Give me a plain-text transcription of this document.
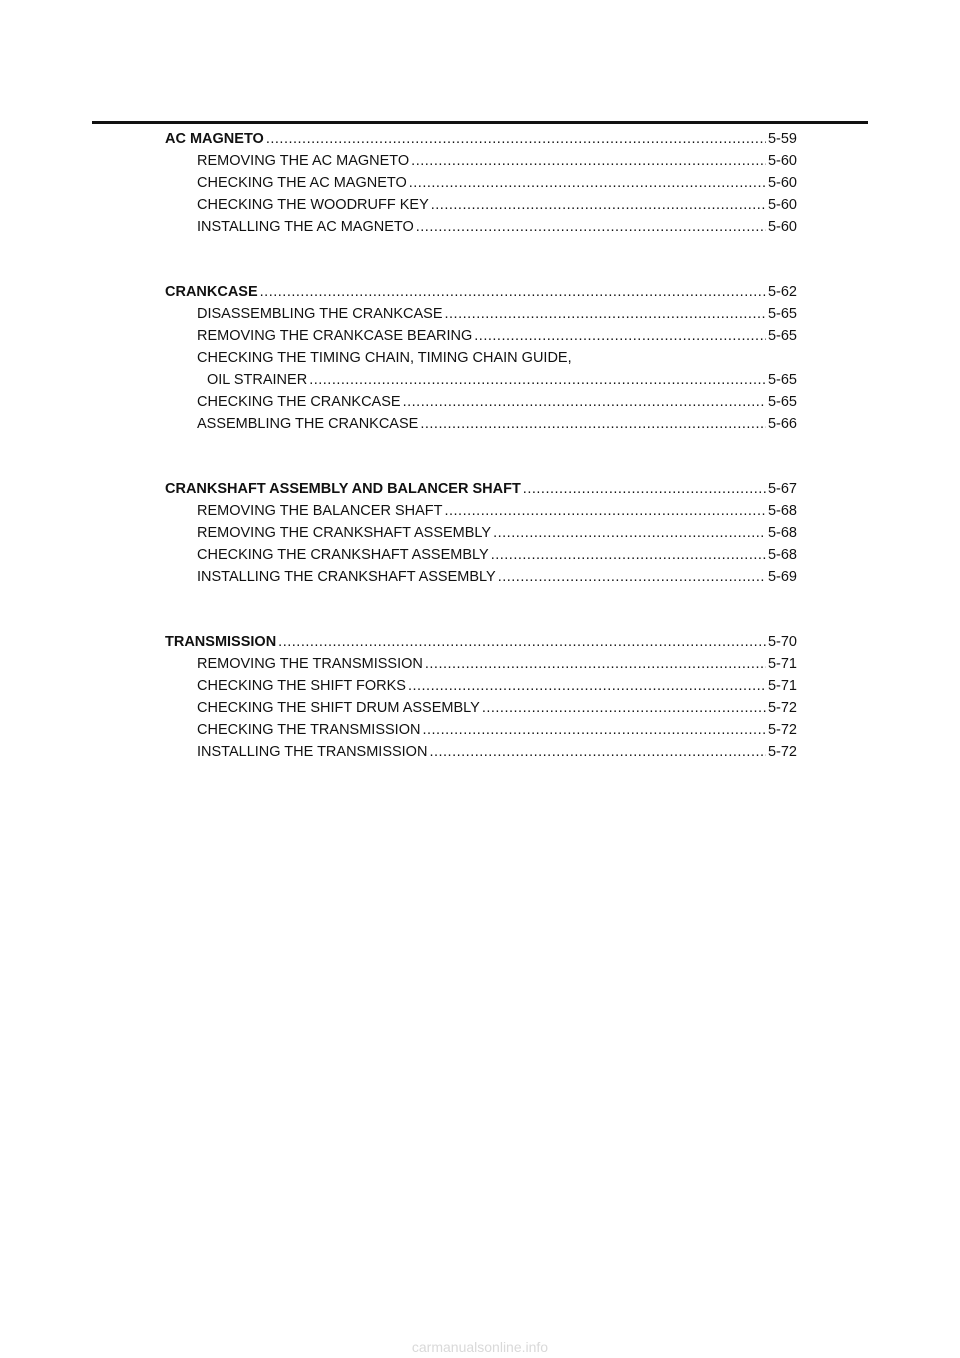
AC MAGNETO .....	5-59
REMOVING THE AC MAGNETO .....	5-60
CHECKING THE AC MAGNETO .....	5-60
CHECKING THE WOODRUFF KEY .....	5-60
INSTALLING THE AC MAGNETO .....	5-60
CRANKCASE .....	5-62
DISASSEMBLING THE CRANKCASE .....	5-65
REMOVING THE CRANKCASE BEARING .....	5-65
CHECKING THE TIMING CHAIN, TIMING CHAIN GUIDE,
OIL STRAINER .....	5-65
CHECKING THE CRANKCASE .....	5-65
ASSEMBLING THE CRANKCASE .....	5-66
CRANKSHAFT ASSEMBLY AND BALANCER SHAFT .....	5-67
REMOVING THE BALANCER SHAFT .....	5-68
REMOVING THE CRANKSHAFT ASSEMBLY .....	5-68
CHECKING THE CRANKSHAFT ASSEMBLY .....	5-68
INSTALLING THE CRANKSHAFT ASSEMBLY .....	5-69
TRANSMISSION .....	5-70
REMOVING THE TRANSMISSION .....	5-71
CHECKING THE SHIFT FORKS .....	5-71
CHECKING THE SHIFT DRUM ASSEMBLY .....	5-72
CHECKING THE TRANSMISSION .....	5-72
INSTALLING THE TRANSMISSION .....	5-72
carmanualsonline.info
